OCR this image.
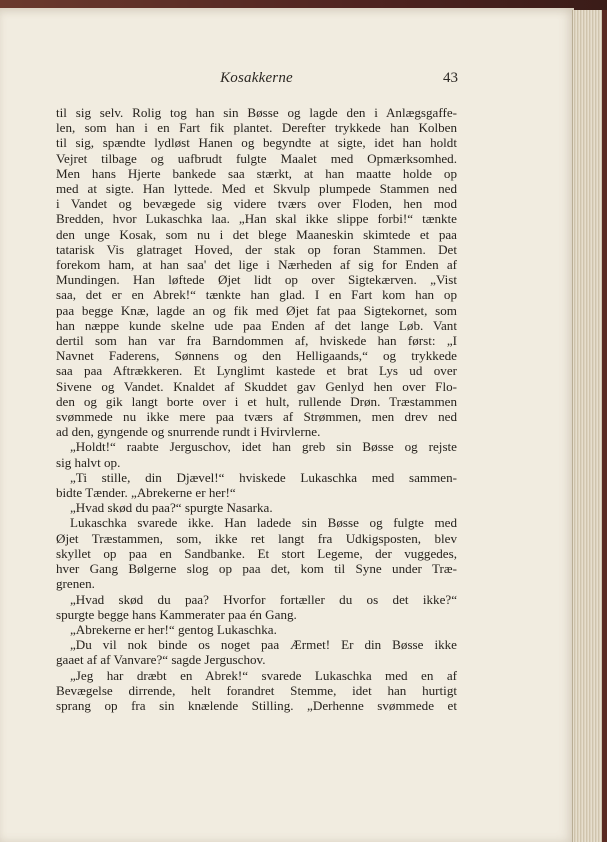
Kosakkerne	43

til sig selv. Rolig tog han sin Bøsse og lagde den i Anlægsgaffe-

len, som han i en Fart fik plantet. Derefter trykkede han Kolben

til sig, spændte lydløst Hanen og begyndte at sigte, idet han holdt

Vejret tilbage og uafbrudt fulgte Maalet med Opmærksomhed.

Men hans Hjerte bankede saa stærkt, at han maatte holde op

med at sigte. Han lyttede. Med et Skvulp plumpede Stammen ned

i Vandet og bevægede sig videre tværs over Floden, hen mod

Bredden, hvor Lukaschka laa. „Han skal ikke slippe forbi!“ tænkte

den unge Kosak, som nu i det blege Maaneskin skimtede et paa

tatarisk Vis glatraget Hoved, der stak op foran Stammen. Det

forekom ham, at han saa' det lige i Nærheden af sig for Enden af

Mundingen. Han løftede Øjet lidt op over Sigtekærven. „Vist

saa, det er en Abrek!“ tænkte han glad. I en Fart kom han op

paa begge Knæ, lagde an og fik med Øjet fat paa Sigtekornet, som

han næppe kunde skelne ude paa Enden af det lange Løb. Vant

dertil som han var fra Barndommen af, hviskede han først: „I

Navnet Faderens, Sønnens og den Helligaands,“ og trykkede

saa paa Aftrækkeren. Et Lynglimt kastede et brat Lys ud over

Sivene og Vandet. Knaldet af Skuddet gav Genlyd hen over Flo-

den og gik langt borte over i et hult, rullende Drøn. Træstammen

svømmede nu ikke mere paa tværs af Strømmen, men drev ned

ad den, gyngende og snurrende rundt i Hvirvlerne.

„Holdt!“ raabte Jerguschov, idet han greb sin Bøsse og rejste

sig halvt op.

„Ti stille, din Djævel!“ hviskede Lukaschka med sammen-

bidte Tænder. „Abrekerne er her!“

„Hvad skød du paa?“ spurgte Nasarka.

Lukaschka svarede ikke. Han ladede sin Bøsse og fulgte med

Øjet Træstammen, som, ikke ret langt fra Udkigsposten, blev

skyllet op paa en Sandbanke. Et stort Legeme, der vuggedes,

hver Gang Bølgerne slog op paa det, kom til Syne under Træ-

grenen.

„Hvad skød du paa? Hvorfor fortæller du os det ikke?“

spurgte begge hans Kammerater paa én Gang.

„Abrekerne er her!“ gentog Lukaschka.

„Du vil nok binde os noget paa Ærmet! Er din Bøsse ikke

gaaet af af Vanvare?“ sagde Jerguschov.

„Jeg har dræbt en Abrek!“ svarede Lukaschka med en af

Bevægelse dirrende, helt forandret Stemme, idet han hurtigt

sprang op fra sin knælende Stilling. „Derhenne svømmede et
